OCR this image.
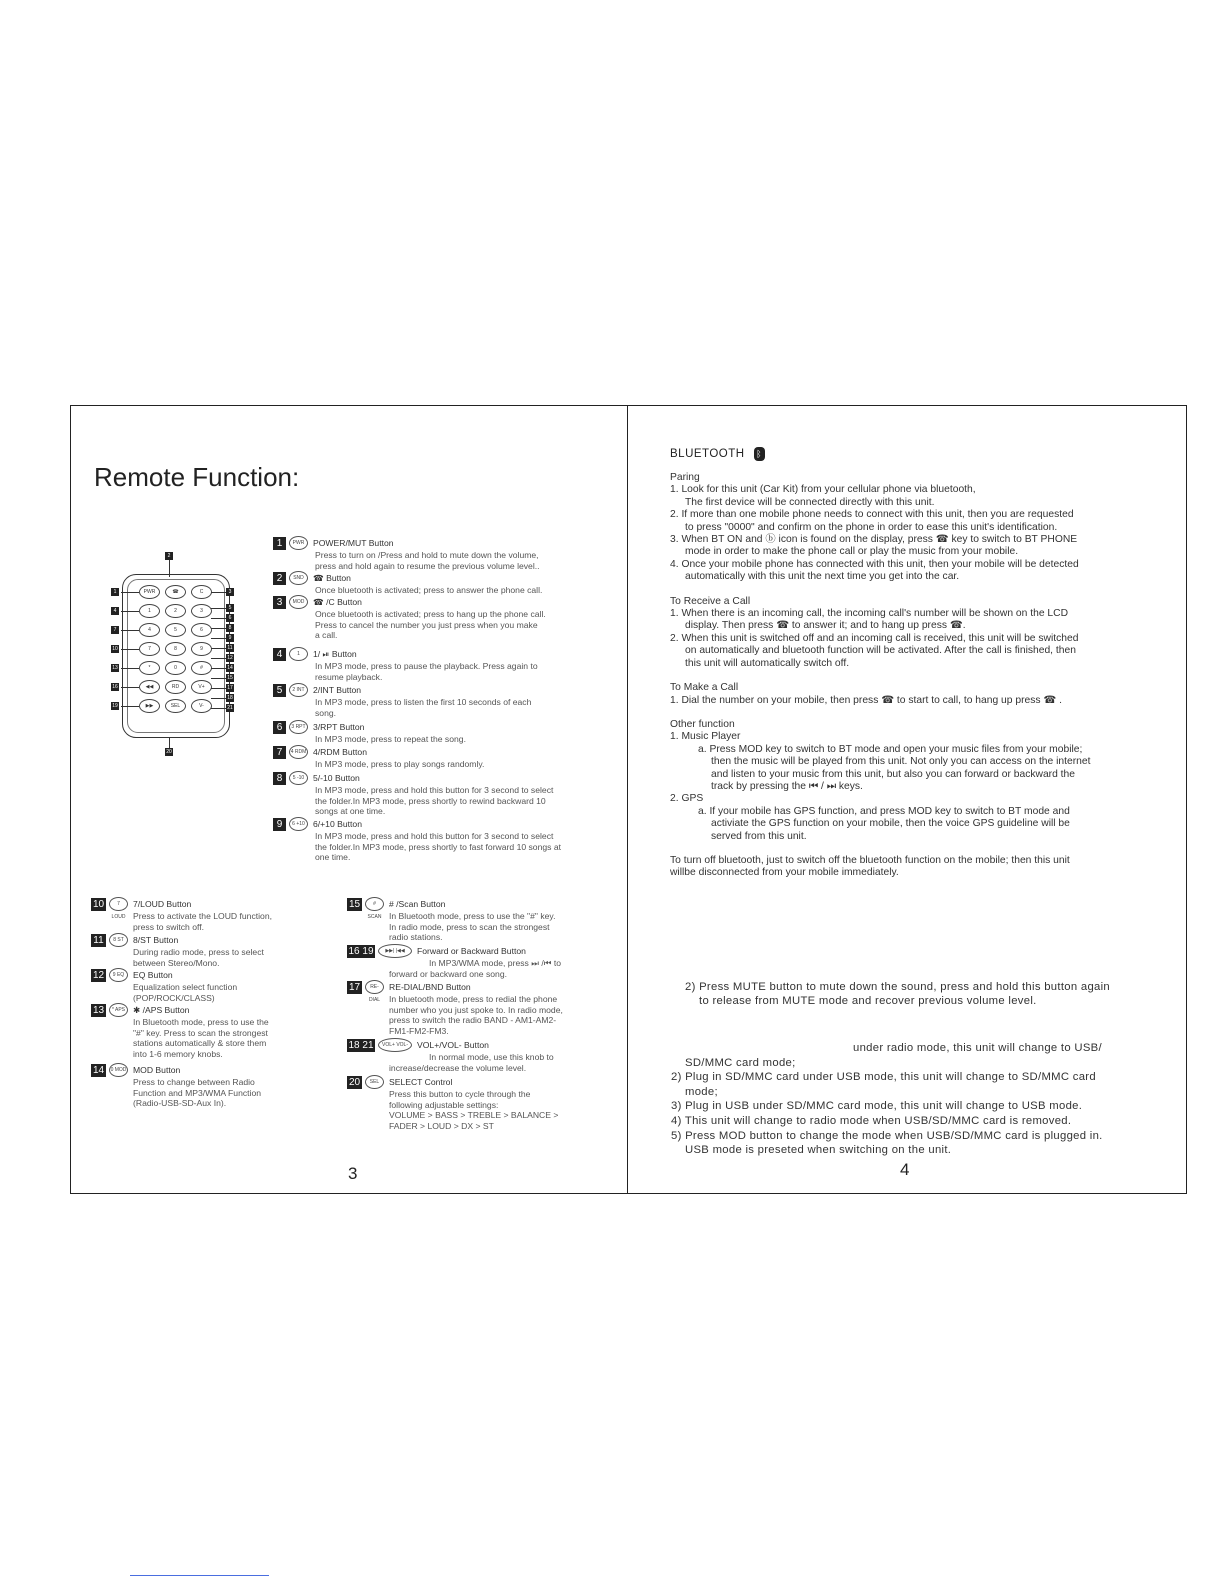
Remote Function:
PWR	☎	C
1	2	3
4	5	6
7	8	9
*	0	#
◀◀	RD	V+
▶▶	SEL	V-
2
20
1
4
7
10
13
16
19
3
5
6
8
9
11
12
14
15
17
18
21
1	PWR	POWER/MUT Button
Press to turn on /Press and hold to mute down the volume,
press and hold again to resume the previous volume level..
2	SND	☎ Button
Once bluetooth is activated; press to answer the phone call.
3	MOD	☎ /C Button
Once bluetooth is activated; press to hang up the phone call.
Press to cancel the number you just press when you make
a call.
4	1	1/ ⏯ Button
In MP3 mode, press to pause the playback. Press again to
resume playback.
5	2 INT 2/INT Button
In MP3 mode, press to listen the first 10 seconds of each
song.
6	3 RPT 3/RPT Button
In MP3 mode, press to repeat the song.
7	4 RDM 4/RDM Button
In MP3 mode, press to play songs randomly.
8	5 -10	5/-10 Button
In MP3 mode, press and hold this button for 3 second to select
the folder.In MP3 mode, press shortly to rewind backward 10
songs at one time.
9	6 +10 6/+10 Button
In MP3 mode, press and hold this button for 3 second to select
the folder.In MP3 mode, press shortly to fast forward 10 songs at
one time.
10	7 LOUD
7/LOUD Button
Press to activate the LOUD function,
press to switch off.
11	8 ST	8/ST Button
During radio mode, press to select
between Stereo/Mono.
12	9 EQ	EQ Button
Equalization select function
(POP/ROCK/CLASS)
13	* APS ✱ /APS Button
In Bluetooth mode, press to use the
"#" key. Press to scan the strongest
stations automatically & store them
into 1-6 memory knobs.
14	0 MOD MOD Button
Press to change between Radio
Function and MP3/WMA Function
(Radio-USB-SD-Aux In).
15	# SCAN
# /Scan Button
In Bluetooth mode, press to use the "#" key.
In radio mode, press to scan the strongest
radio stations.
16 19	▶▶| |◀◀	Forward or Backward Button
In MP3/WMA mode, press ⏭ /⏮ to
forward or backward one song.
17	RE-DIAL
RE-DIAL/BND Button
In bluetooth mode, press to redial the phone
number who you just spoke to. In radio mode,
press to switch the radio BAND - AM1-AM2-
FM1-FM2-FM3.
18 21	VOL+ VOL-	VOL+/VOL- Button
In normal mode, use this knob to
increase/decrease the volume level.
20	SEL	SELECT Control
Press this button to cycle through the
following adjustable settings:
VOLUME > BASS > TREBLE > BALANCE >
FADER > LOUD > DX > ST
3
BLUETOOTH ᛒ

Paring

1. Look for this unit (Car Kit) from your cellular phone via bluetooth,

The first device will be connected directly with this unit.

2. If more than one mobile phone needs to connect with this unit, then you are requested

to press "0000" and confirm on the phone in order to ease this unit's identification.

3. When BT ON and ⓑ icon is found on the display, press ☎ key to switch to BT PHONE

mode in order to make the phone call or play the music from your mobile.

4. Once your mobile phone has connected with this unit, then your mobile will be detected

automatically with this unit the next time you get into the car.

To Receive a Call

1. When there is an incoming call, the incoming call's number will be shown on the LCD

display. Then press ☎ to answer it; and to hang up press ☎.

2. When this unit is switched off and an incoming call is received, this unit will be switched

on automatically and bluetooth function will be activated. After the call is finished, then

this unit will automatically switch off.

To Make a Call

1. Dial the number on your mobile, then press ☎ to start to call, to hang up press ☎ .

Other function

1. Music Player

a. Press MOD key to switch to BT mode and open your music files from your mobile;

then the music will be played from this unit. Not only you can access on the internet

and listen to your music from this unit, but also you can forward or backward the

track by pressing the ⏮ / ⏭ keys.

2. GPS

a. If your mobile has GPS function, and press MOD key to switch to BT mode and

activiate the GPS function on your mobile, then the voice GPS guideline will be

served from this unit.

To turn off bluetooth, just to switch off the bluetooth function on the mobile; then this unit

willbe disconnected from your mobile immediately.

2) Press MUTE button to mute down the sound, press and hold this button again
to release from MUTE mode and recover previous volume level.

under radio mode, this unit will change to USB/

SD/MMC card mode;

2) Plug in SD/MMC card under USB mode, this unit will change to SD/MMC card

mode;

3) Plug in USB under SD/MMC card mode, this unit will change to USB mode.

4) This unit will change to radio mode when USB/SD/MMC card is removed.

5) Press MOD button to change the mode when USB/SD/MMC card is plugged in.

USB mode is preseted when switching on the unit.

4
